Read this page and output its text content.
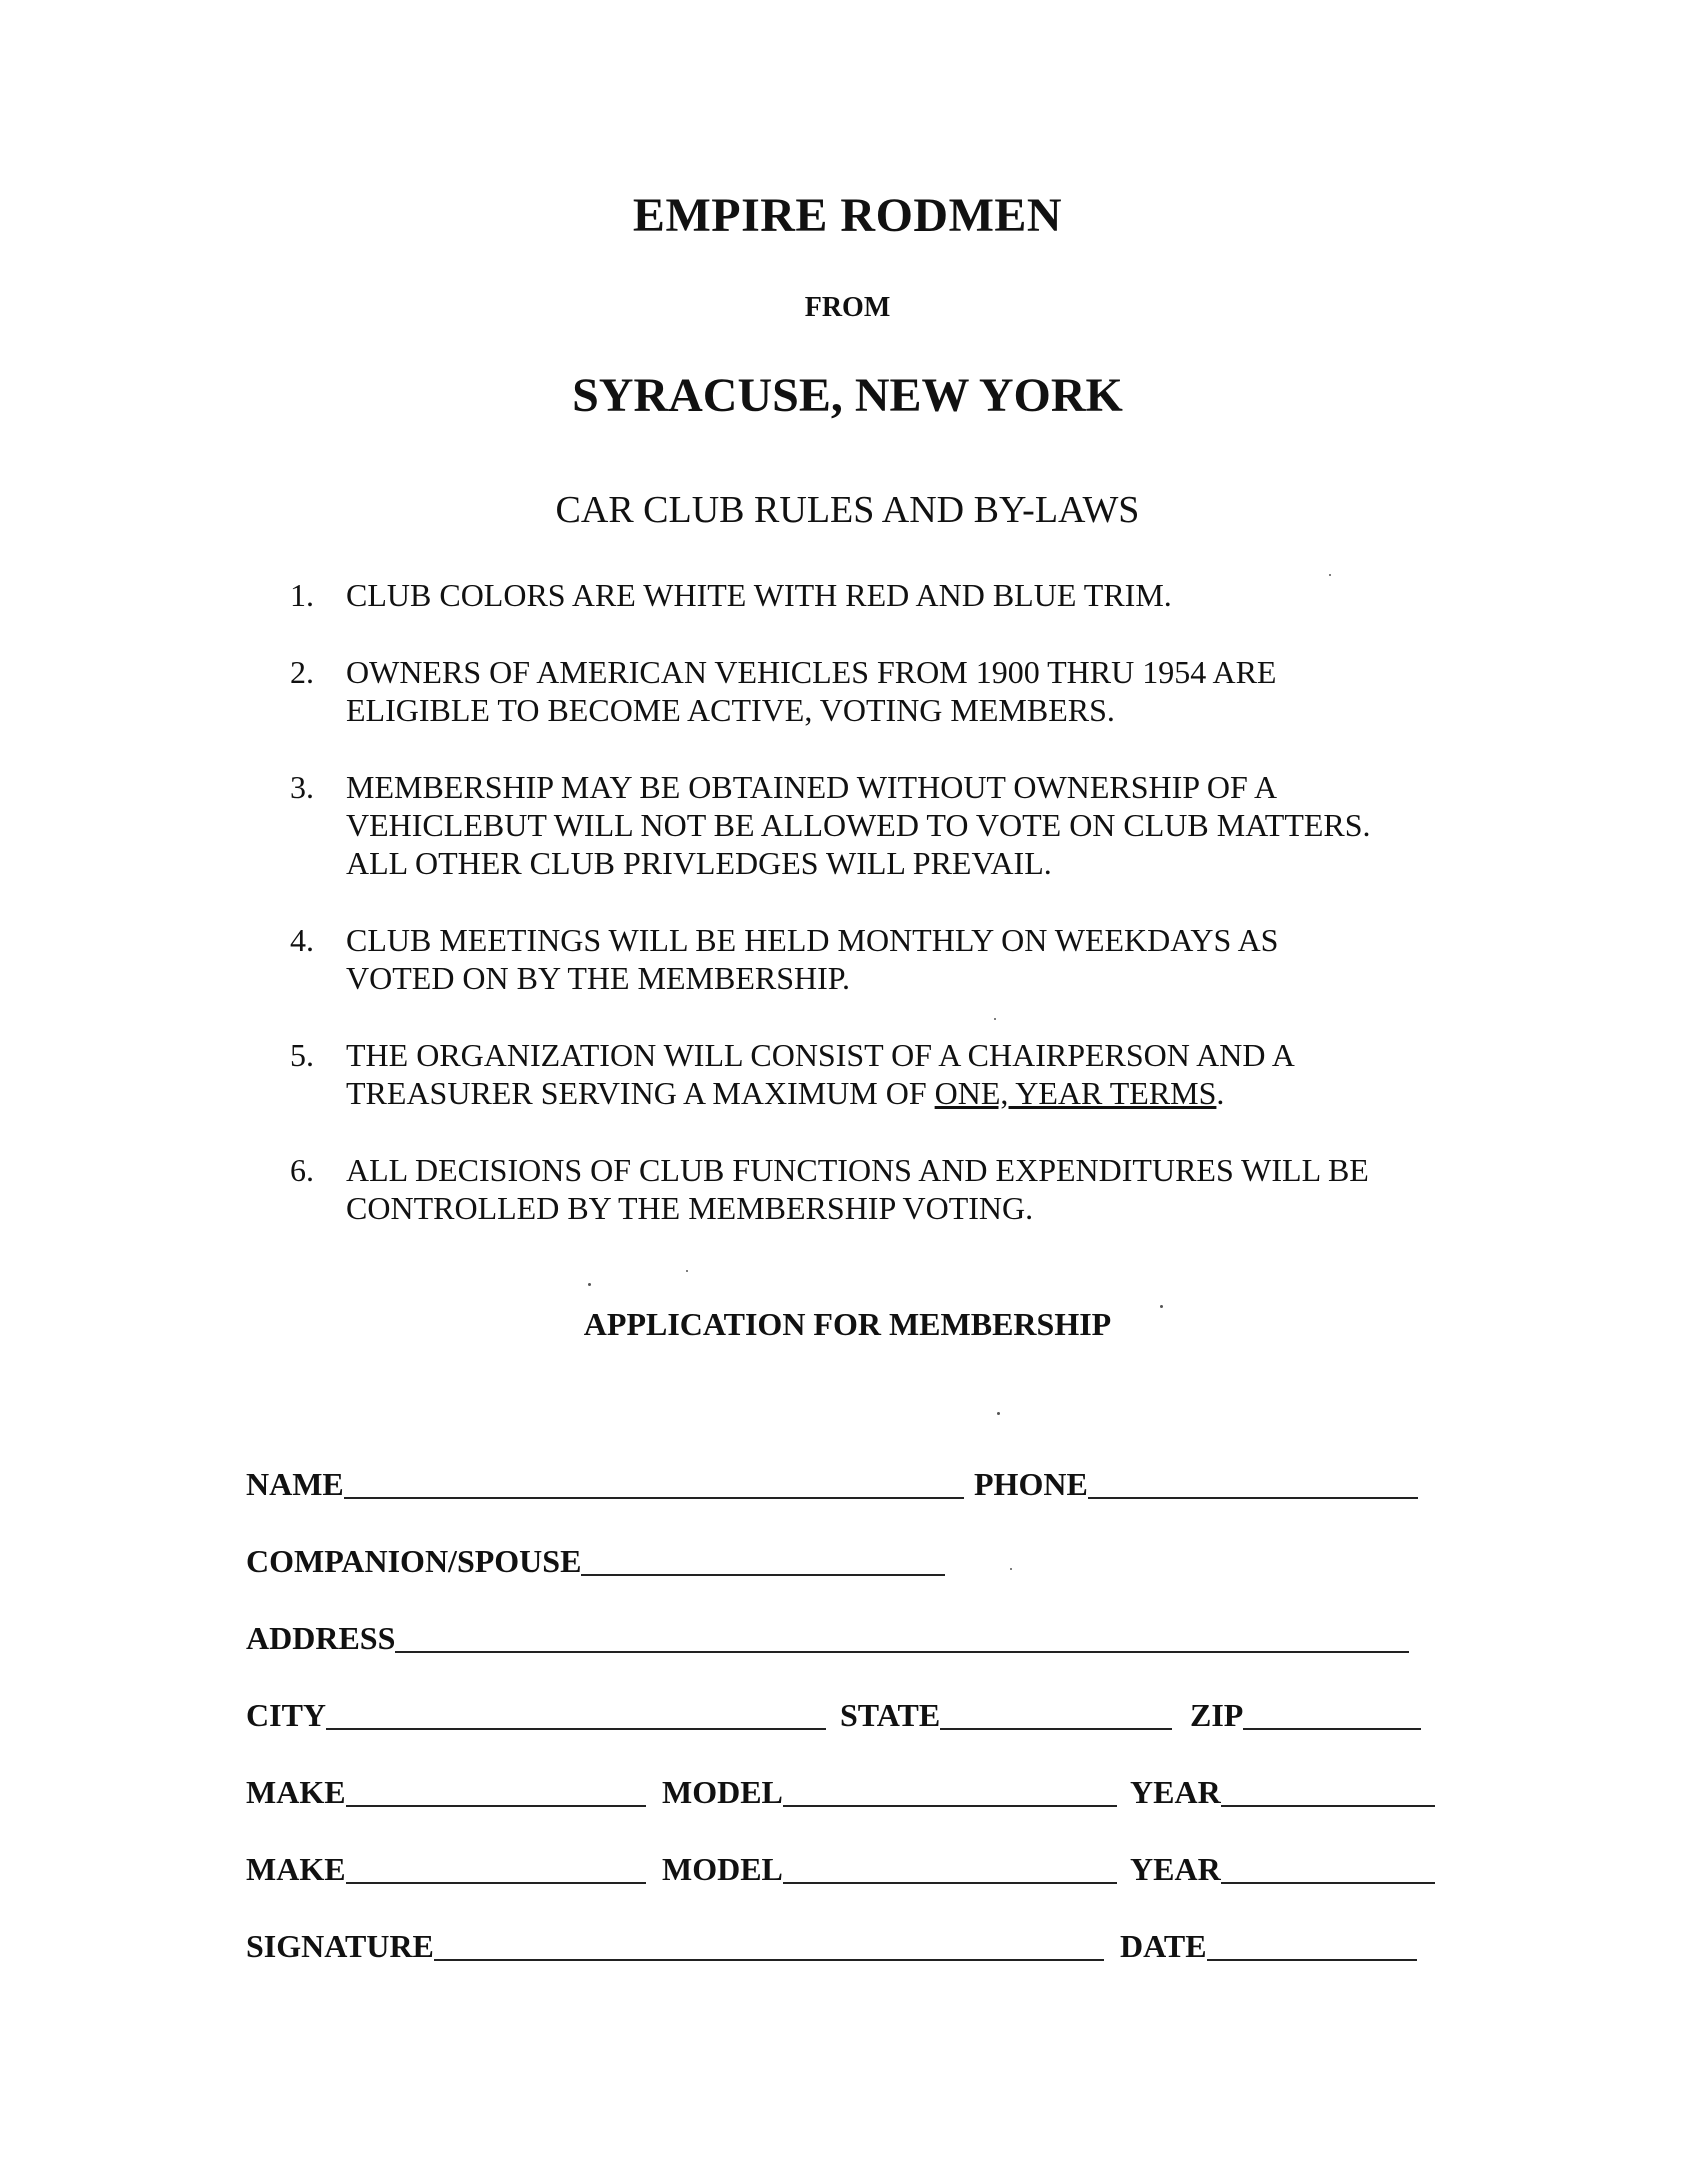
EMPIRE RODMEN
FROM
SYRACUSE, NEW YORK
CAR CLUB RULES AND BY-LAWS
1.	CLUB COLORS ARE WHITE WITH RED AND BLUE TRIM.
2.	OWNERS OF AMERICAN VEHICLES FROM 1900 THRU 1954 ARE
ELIGIBLE TO BECOME ACTIVE, VOTING MEMBERS.
3.	MEMBERSHIP MAY BE OBTAINED WITHOUT OWNERSHIP OF A
VEHICLEBUT WILL NOT BE ALLOWED TO VOTE ON CLUB MATTERS.
ALL OTHER CLUB PRIVLEDGES WILL PREVAIL.
4.	CLUB MEETINGS WILL BE HELD MONTHLY ON WEEKDAYS AS
VOTED ON BY THE MEMBERSHIP.
5.	THE ORGANIZATION WILL CONSIST OF A CHAIRPERSON AND A
TREASURER SERVING A MAXIMUM OF ONE, YEAR TERMS.
6.	ALL DECISIONS OF CLUB FUNCTIONS AND EXPENDITURES WILL BE
CONTROLLED BY THE MEMBERSHIP VOTING.
APPLICATION FOR MEMBERSHIP
NAME	PHONE
COMPANION/SPOUSE
ADDRESS
CITY	STATE	ZIP
MAKE	MODEL	YEAR
MAKE	MODEL	YEAR
SIGNATURE	DATE
